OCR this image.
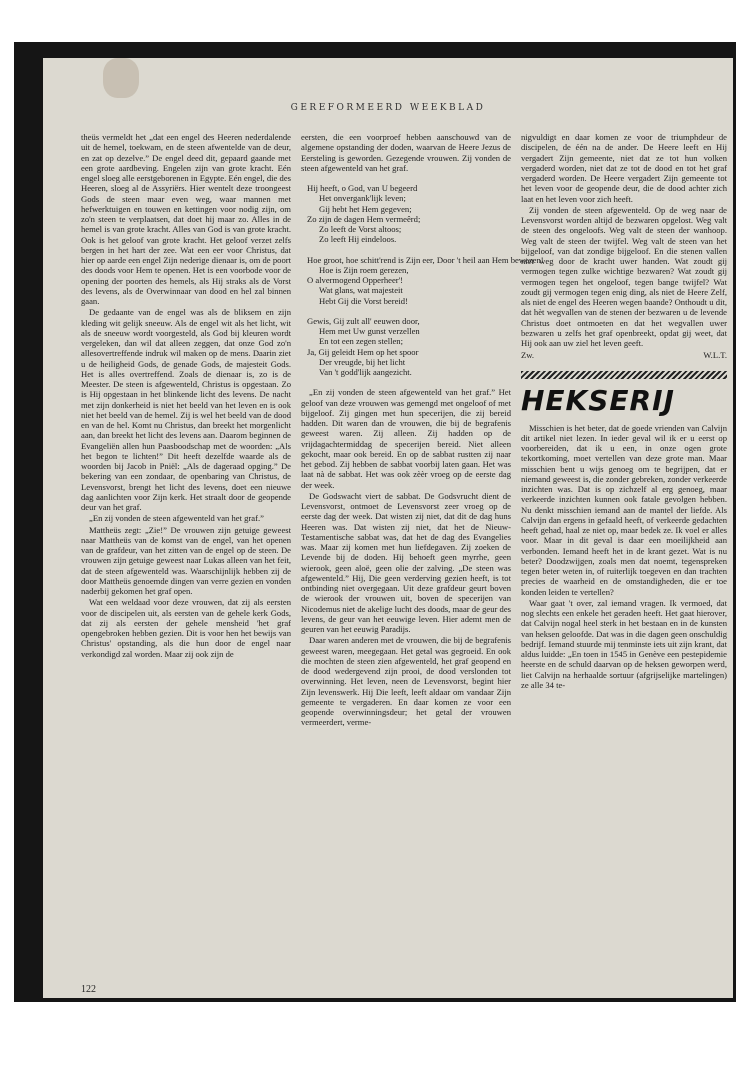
GEREFORMEERD WEEKBLAD

theüs vermeldt het „dat een engel des Heeren nederdalende uit de hemel, toekwam, en de steen afwentelde van de deur, en zat op dezelve.” De engel deed dit, gepaard gaande met een grote aardbeving. Engelen zijn van grote kracht. Eén engel sloeg alle eerstgeborenen in Egypte. Eén engel, die des Heeren, sloeg al de Assyriërs. Hier wentelt deze troongeest Gods de steen maar even weg, waar mannen met hefwerktuigen en touwen en kettingen voor nodig zijn, om zo'n steen te verplaatsen, dat doet hij maar zo. Alles in de hemel is van grote kracht. Alles van God is van grote kracht. Ook is het geloof van grote kracht. Het geloof verzet zelfs bergen in het hart der zee. Wat een eer voor Christus, dat hier op aarde een engel Zijn nederige dienaar is, om de poort des doods voor Hem te openen. Het is een voorbode voor de opening der poorten des hemels, als Hij straks als de Vorst des levens, als de Overwinnaar van dood en hel zal binnen gaan.

De gedaante van de engel was als de bliksem en zijn kleding wit gelijk sneeuw. Als de engel wit als het licht, wit als de sneeuw wordt voorgesteld, als God bij kleuren wordt vergeleken, dan wil dat alleen zeggen, dat onze God zo'n allesovertreffende indruk wil maken op de mens. Daarin ziet u de heiligheid Gods, de genade Gods, de majesteit Gods. Het is alles overtreffend. Zoals de dienaar is, zo is de Meester. De steen is afgewenteld, Christus is opgestaan. Zo is Hij opgestaan in het blinkende licht des levens. De nacht met zijn donkerheid is niet het beeld van het leven en is ook niet het beeld van de hemel. Zij is wel het beeld van de dood en van de hel. Komt nu Christus, dan breekt het morgenlicht aan, dan breekt het licht des levens aan. Daarom beginnen de Evangeliën allen hun Paasboodschap met de woorden: „Als het begon te lichten!” Dit heeft dezelfde waarde als de woorden bij Jacob in Pniël: „Als de dageraad opging.” De bekering van een zondaar, de openbaring van Christus, de Levensvorst, brengt het licht des levens, doet een nieuwe dag aanlichten voor Zijn kerk. Het straalt door de geopende deur van het graf.

„En zij vonden de steen afgewenteld van het graf.”

Mattheüs zegt: „Zie!” De vrouwen zijn getuige geweest naar Mattheüs van de komst van de engel, van het openen van de grafdeur, van het zitten van de engel op de steen. De vrouwen zijn getuige geweest naar Lukas alleen van het feit, dat de steen afgewenteld was. Waarschijnlijk hebben zij de door Mattheüs genoemde dingen van verre gezien en vonden naderbij gekomen het graf open.

Wat een weldaad voor deze vrouwen, dat zij als eersten voor de discipelen uit, als eersten van de gehele kerk Gods, dat zij als eersten der gehele mensheid 'het graf opengebroken hebben gezien. Dit is voor hen het bewijs van Christus' opstanding, als die hun door de engel naar verkondigd zal worden. Maar zij ook zijn de

eersten, die een voorproef hebben aanschouwd van de algemene opstanding der doden, waarvan de Heere Jezus de Eersteling is geworden. Gezegende vrouwen. Zij vonden de steen afgewenteld van het graf.

Hij heeft, o God, van U begeerd
Het onvergank'lijk leven;
Gij hebt het Hem gegeven;
Zo zijn de dagen Hem vermeêrd;
Zo leeft de Vorst altoos;
Zo leeft Hij eindeloos.
Hoe groot, hoe schitt'rend is Zijn eer, Door 't heil aan Hem bewezen!
Hoe is Zijn roem gerezen,
O alvermogend Opperheer'!
Wat glans, wat majesteit
Hebt Gij die Vorst bereid!
Gewis, Gij zult all' eeuwen door,
Hem met Uw gunst verzellen
En tot een zegen stellen;
Ja, Gij geleidt Hem op het spoor
Der vreugde, bij het licht
Van 't godd'lijk aangezicht.

„En zij vonden de steen afgewenteld van het graf.” Het geloof van deze vrouwen was gemengd met ongeloof of met bijgeloof. Zij gingen met hun specerijen, die zij bereid hadden. Dit waren dan de vrouwen, die bij de begrafenis geweest waren. Zij alleen. Zij hadden op de vrijdagachtermiddag de specerijen bereid. Niet alleen gekocht, maar ook bereid. En op de sabbat rustten zij naar het gebod. Zij hebben de sabbat voorbij laten gaan. Het was laat nà de sabbat. Het was ook zèèr vroeg op de eerste dag der week.

De Godswacht viert de sabbat. De Godsvrucht dient de Levensvorst, ontmoet de Levensvorst zeer vroeg op de eerste dag der week. Dat wisten zij niet, dat dit de dag huns Heeren was. Dat wisten zij niet, dat het de Nieuw-Testamentische sabbat was, dat het de dag des Evangelies was. Maar zij komen met hun liefdegaven. Zij zoeken de Levende bij de doden. Hij behoeft geen myrrhe, geen wierook, geen aloë, geen olie der zalving. „De steen was afgewenteld.” Hij, Die geen verderving gezien heeft, is tot ontbinding niet overgegaan. Uit deze grafdeur geurt boven de wierook der vrouwen uit, boven de specerijen van Nicodemus niet de akelige lucht des doods, maar de geur des levens, de geur van het eeuwige leven. Hier ademt men de geuren van het eeuwig Paradijs.

Daar waren anderen met de vrouwen, die bij de begrafenis geweest waren, meegegaan. Het getal was gegroeid. En ook die mochten de steen zien afgewenteld, het graf geopend en de dood wedergevend zijn prooi, de dood verslonden tot overwinning. Het leven, neen de Levensvorst, begint hier Zijn levenswerk. Hij Die leeft, leeft aldaar om vandaar Zijn gemeente te vergaderen. En daar komen ze voor een geopende overwinningsdeur; het getal der vrouwen vermeerdert, verme-

nigvuldigt en daar komen ze voor de triumphdeur de discipelen, de één na de ander. De Heere leeft en Hij vergadert Zijn gemeente, niet dat ze tot hun volken vergaderd worden, niet dat ze tot de dood en tot het graf vergaderd worden. De Heere vergadert Zijn gemeente tot het leven voor de geopende deur, die de dood achter zich laat en het leven voor zich heeft.

Zij vonden de steen afgewenteld. Op de weg naar de Levensvorst worden altijd de bezwaren opgelost. Weg valt de steen des ongeloofs. Weg valt de steen der wanhoop. Weg valt de steen der twijfel. Weg valt de steen van het bijgeloof, van dat zondige bijgeloof. En die stenen vallen niet weg door de kracht uwer handen. Wat zoudt gij vermogen tegen zulke wichtige bezwaren? Wat zoudt gij vermogen tegen het ongeloof, tegen bange twijfel? Wat zoudt gij vermogen tegen enig ding, als niet de Heere Zelf, als niet de engel des Heeren wegen baande? Onthoudt u dit, dat hèt wegvallen van de stenen der bezwaren u de levende Christus doet ontmoeten en dat het wegvallen uwer bezwaren u zelfs het graf openbreekt, opdat gij weet, dat Hij ook aan uw ziel het leven geeft.

Zw.	W.L.T.
HEKSERIJ

Misschien is het beter, dat de goede vrienden van Calvijn dit artikel niet lezen. In ieder geval wil ik er u eerst op voorbereiden, dat ik u een, in onze ogen grote tekortkoming, moet vertellen van deze grote man. Maar misschien bent u wijs genoeg om te begrijpen, dat er niemand geweest is, die zonder gebreken, zonder verkeerde inzichten was. Dat is op zichzelf al erg genoeg, maar verkeerde inzichten kunnen ook fatale gevolgen hebben. Nu denkt misschien iemand aan de mantel der liefde. Als Calvijn dan ergens in gefaald heeft, of verkeerde gedachten heeft gehad, haal ze niet op, maar bedek ze. Ik voel er alles voor. Maar in dit geval is daar een moeilijkheid aan verbonden. Iemand heeft het in de krant gezet. Wat is nu beter? Doodzwijgen, zoals men dat noemt, tegenspreken tegen beter weten in, of ruiterlijk toegeven en dan trachten precies de waarheid en de omstandigheden, die er toe konden leiden te vertellen?

Waar gaat 't over, zal iemand vragen. Ik vermoed, dat nog slechts een enkele het geraden heeft. Het gaat hierover, dat Calvijn nogal heel sterk in het bestaan en in de kunsten van heksen geloofde. Dat was in die dagen geen onschuldig bedrijf. Iemand stuurde mij tenminste iets uit zijn krant, dat aldus luidde: „En toen in 1545 in Genève een pestepidemie heerste en de schuld daarvan op de heksen geworpen werd, liet Calvijn na herhaalde sortuur (afgrijselijke martelingen) ze alle 34 te-

122
